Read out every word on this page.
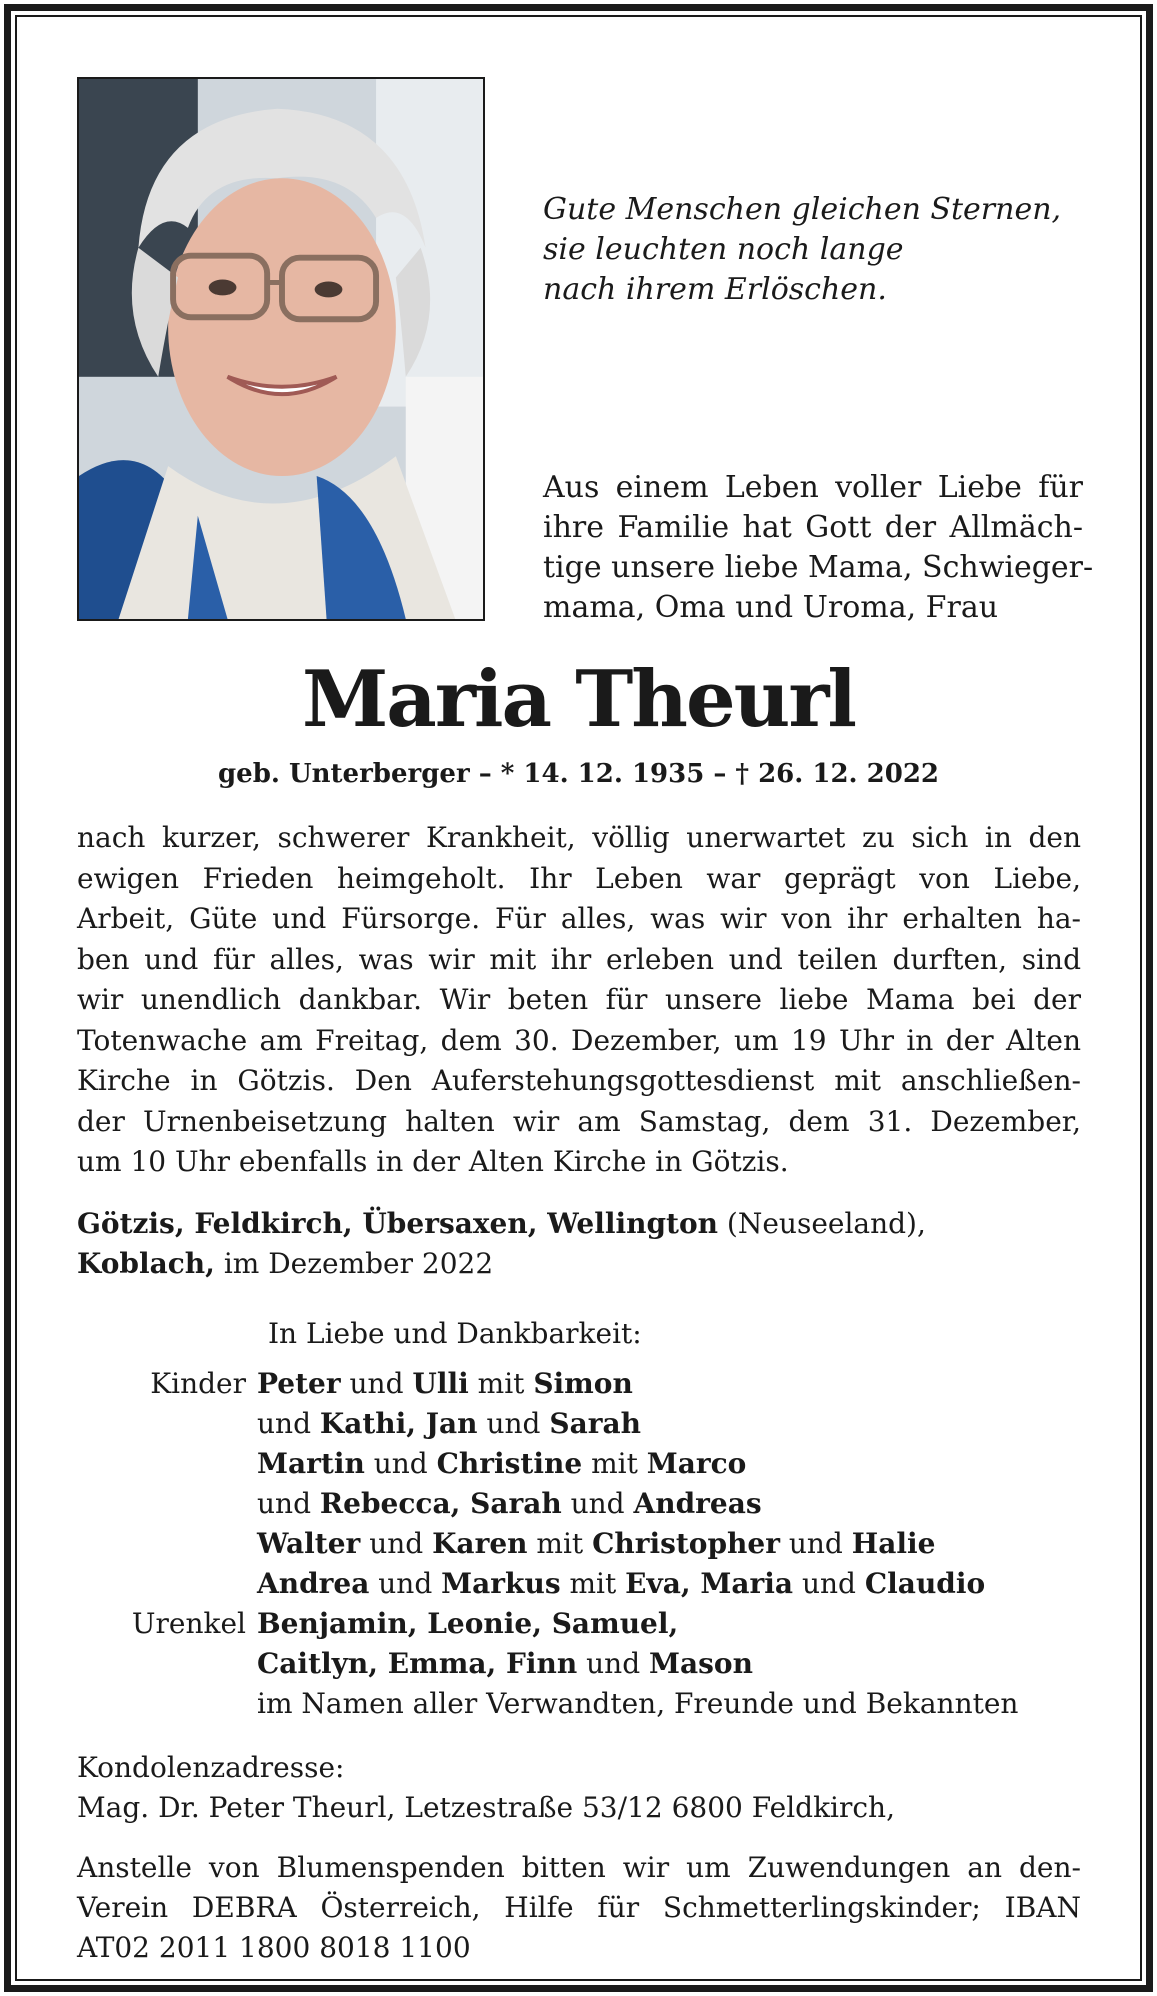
Gute Menschen gleichen Sternen,
sie leuchten noch lange
nach ihrem Erlöschen.
Aus einem Leben voller Liebe für
ihre Familie hat Gott der Allmäch-
tige unsere liebe Mama, Schwieger-
mama, Oma und Uroma, Frau
Maria Theurl
geb. Unterberger – * 14. 12. 1935 – † 26. 12. 2022
nach kurzer, schwerer Krankheit, völlig unerwartet zu sich in den
ewigen Frieden heimgeholt. Ihr Leben war geprägt von Liebe,
Arbeit, Güte und Fürsorge. Für alles, was wir von ihr erhalten ha-
ben und für alles, was wir mit ihr erleben und teilen durften, sind
wir unendlich dankbar. Wir beten für unsere liebe Mama bei der
Totenwache am Freitag, dem 30. Dezember, um 19 Uhr in der Alten
Kirche in Götzis. Den Auferstehungsgottesdienst mit anschließen-
der Urnenbeisetzung halten wir am Samstag, dem 31. Dezember,
um 10 Uhr ebenfalls in der Alten Kirche in Götzis.
Götzis, Feldkirch, Übersaxen, Wellington (Neuseeland),
Koblach, im Dezember 2022
In Liebe und Dankbarkeit:
Kinder Peter und Ulli mit Simon
und Kathi, Jan und Sarah
Martin und Christine mit Marco
und Rebecca, Sarah und Andreas
Walter und Karen mit Christopher und Halie
Andrea und Markus mit Eva, Maria und Claudio
Urenkel Benjamin, Leonie, Samuel,
Caitlyn, Emma, Finn und Mason
im Namen aller Verwandten, Freunde und Bekannten
Kondolenzadresse:
Mag. Dr. Peter Theurl, Letzestraße 53/12 6800 Feldkirch,
Anstelle von Blumenspenden bitten wir um Zuwendungen an den-
Verein DEBRA Österreich, Hilfe für Schmetterlingskinder; IBAN
AT02 2011 1800 8018 1100
